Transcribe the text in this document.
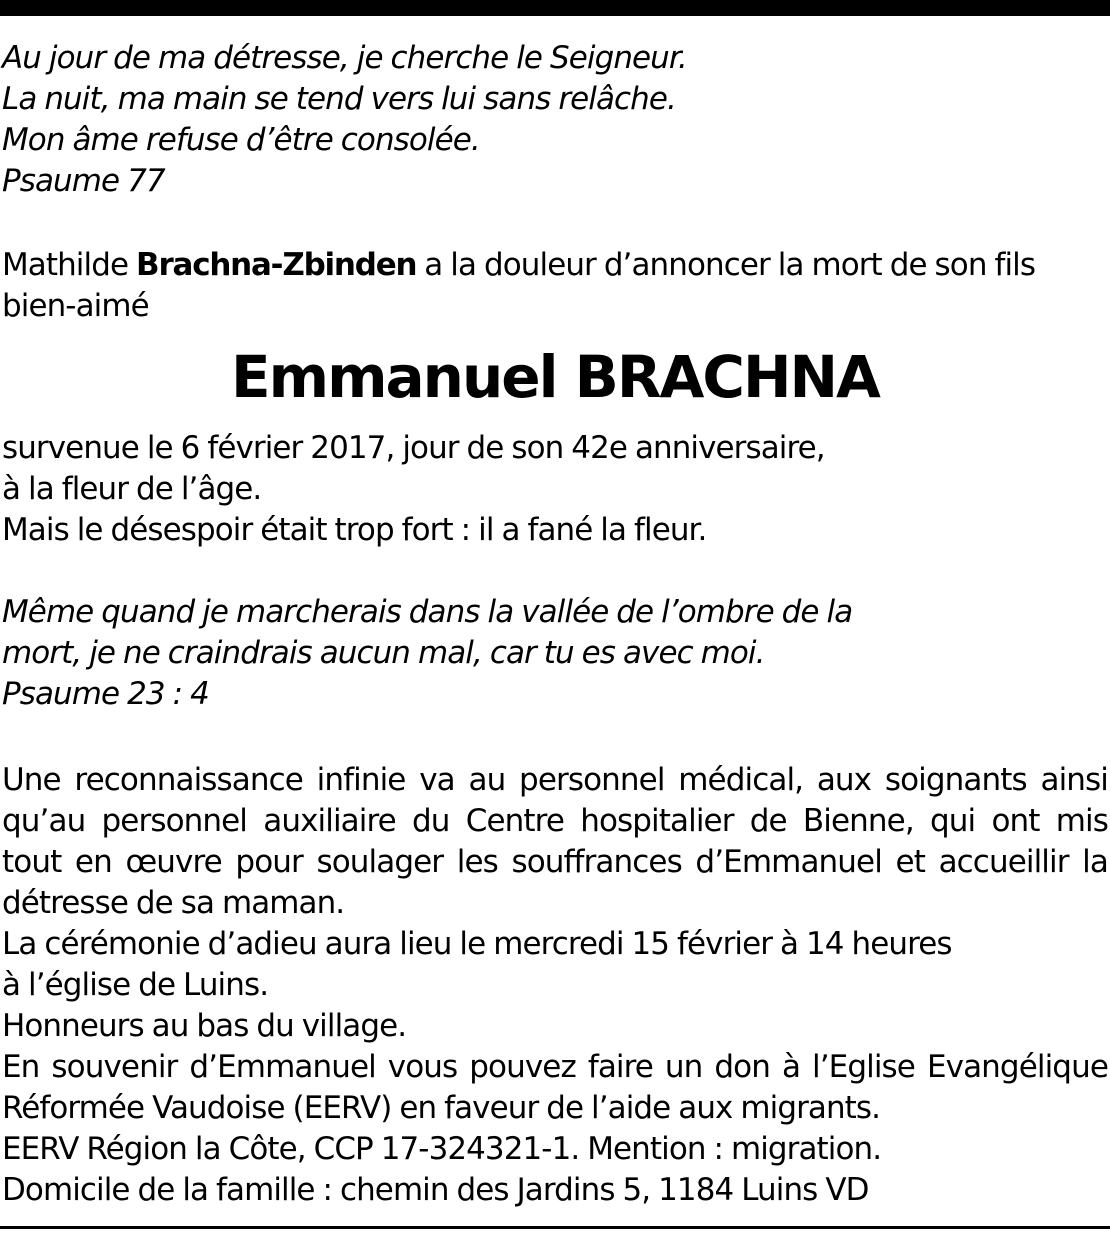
Au jour de ma détresse, je cherche le Seigneur.
La nuit, ma main se tend vers lui sans relâche.
Mon âme refuse d’être consolée.
Psaume 77
Mathilde Brachna-Zbinden a la douleur d’annoncer la mort de son fils
bien-aimé
Emmanuel BRACHNA
survenue le 6 février 2017, jour de son 42e anniversaire,
à la fleur de l’âge.
Mais le désespoir était trop fort : il a fané la fleur.
Même quand je marcherais dans la vallée de l’ombre de la
mort, je ne craindrais aucun mal, car tu es avec moi.
Psaume 23 : 4
Une reconnaissance infinie va au personnel médical, aux soignants ainsi
qu’au personnel auxiliaire du Centre hospitalier de Bienne, qui ont mis
tout en œuvre pour soulager les souffrances d’Emmanuel et accueillir la
détresse de sa maman.
La cérémonie d’adieu aura lieu le mercredi 15 février à 14 heures
à l’église de Luins.
Honneurs au bas du village.
En souvenir d’Emmanuel vous pouvez faire un don à l’Eglise Evangélique
Réformée Vaudoise (EERV) en faveur de l’aide aux migrants.
EERV Région la Côte, CCP 17-324321-1. Mention : migration.
Domicile de la famille : chemin des Jardins 5, 1184 Luins VD
